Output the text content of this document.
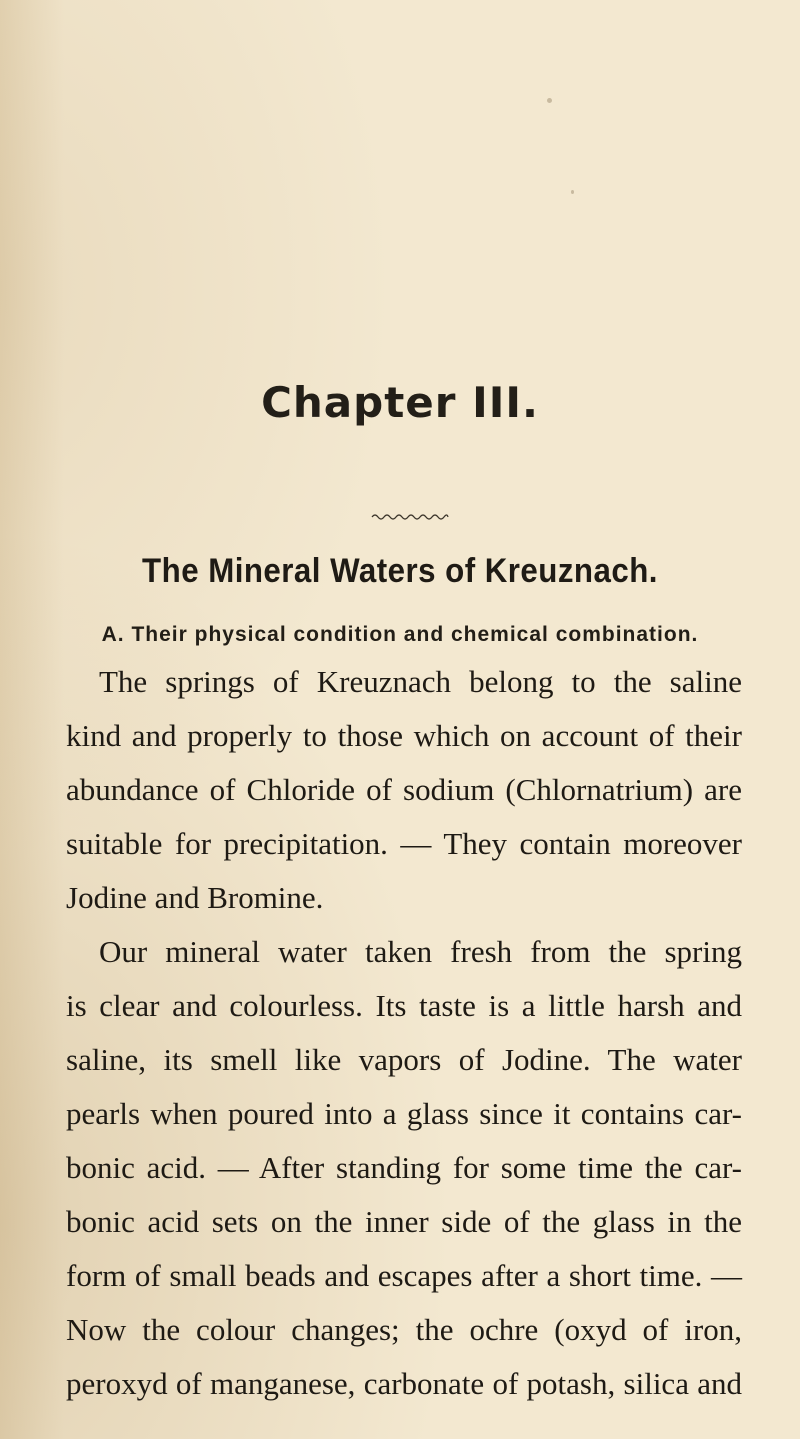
Chapter III.
The Mineral Waters of Kreuznach.
A. Their physical condition and chemical combination.
The springs of Kreuznach belong to the saline
kind and properly to those which on account of their
abundance of Chloride of sodium (Chlornatrium) are
suitable for precipitation. — They contain moreover
Jodine and Bromine.
Our mineral water taken fresh from the spring
is clear and colourless. Its taste is a little harsh and
saline, its smell like vapors of Jodine. The water
pearls when poured into a glass since it contains car-
bonic acid. — After standing for some time the car-
bonic acid sets on the inner side of the glass in the
form of small beads and escapes after a short time. —
Now the colour changes; the ochre (oxyd of iron,
peroxyd of manganese, carbonate of potash, silica and
